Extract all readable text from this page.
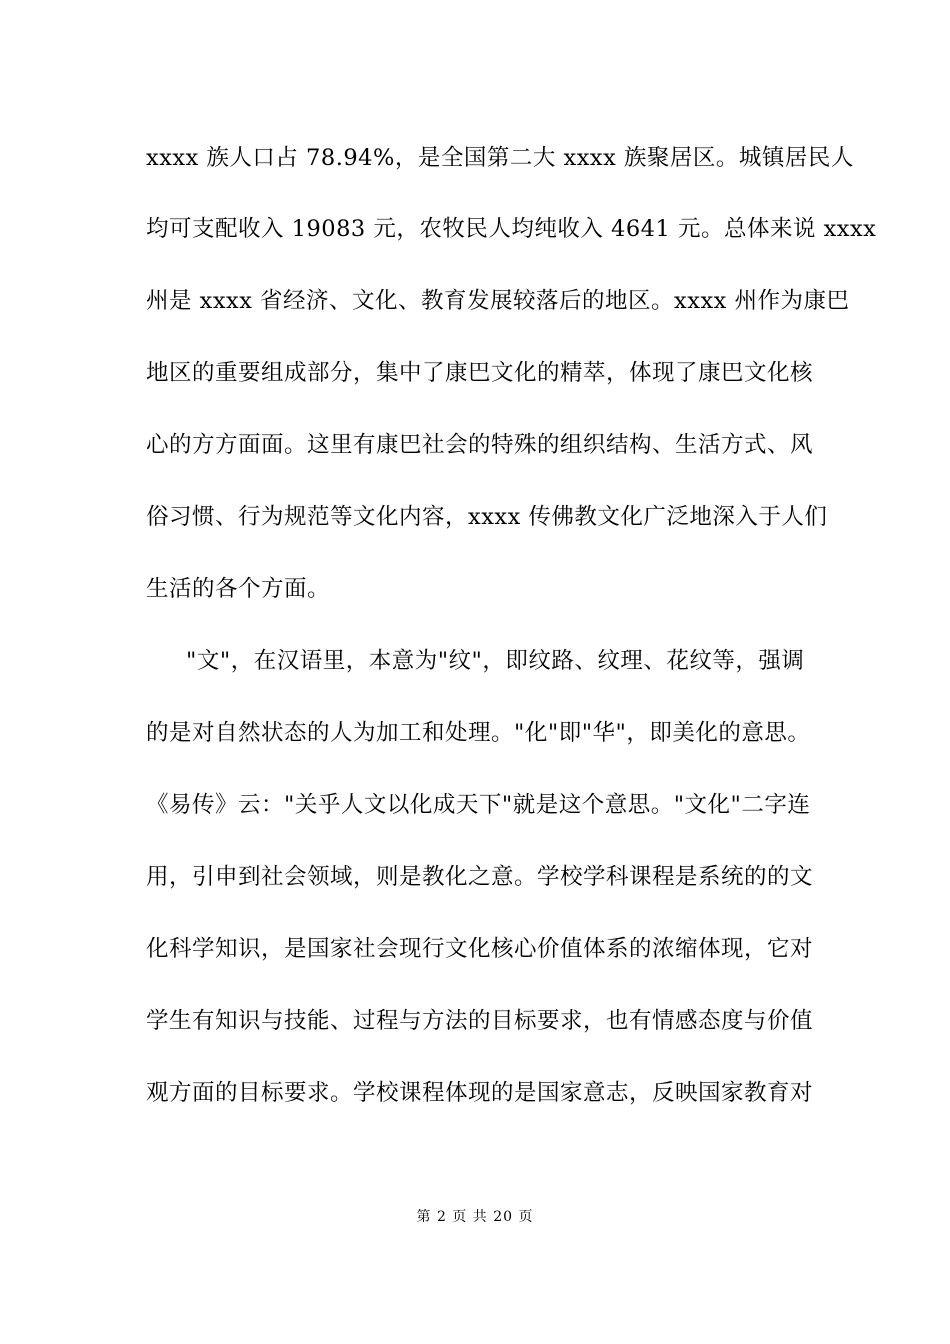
xxxx 族人口占 78.94%，是全国第二大 xxxx 族聚居区。城镇居民人
均可支配收入 19083 元，农牧民人均纯收入 4641 元。总体来说 xxxx
州是 xxxx 省经济、文化、教育发展较落后的地区。xxxx 州作为康巴
地区的重要组成部分，集中了康巴文化的精萃，体现了康巴文化核
心的方方面面。这里有康巴社会的特殊的组织结构、生活方式、风
俗习惯、行为规范等文化内容，xxxx 传佛教文化广泛地深入于人们
生活的各个方面。
"文"，在汉语里，本意为"纹"，即纹路、纹理、花纹等，强调
的是对自然状态的人为加工和处理。"化"即"华"，即美化的意思。
《易传》云："关乎人文以化成天下"就是这个意思。"文化"二字连
用，引申到社会领域，则是教化之意。学校学科课程是系统的的文
化科学知识，是国家社会现行文化核心价值体系的浓缩体现，它对
学生有知识与技能、过程与方法的目标要求，也有情感态度与价值
观方面的目标要求。学校课程体现的是国家意志，反映国家教育对
第 2 页 共 20 页
